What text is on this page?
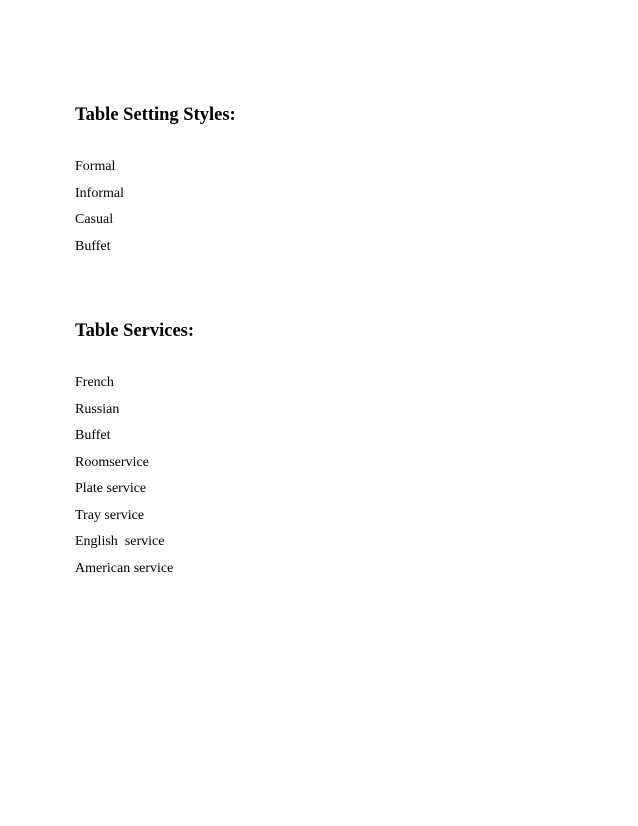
Table Setting Styles:
Formal
Informal
Casual
Buffet
Table Services:
French
Russian
Buffet
Roomservice
Plate service
Tray service
English  service
American service
